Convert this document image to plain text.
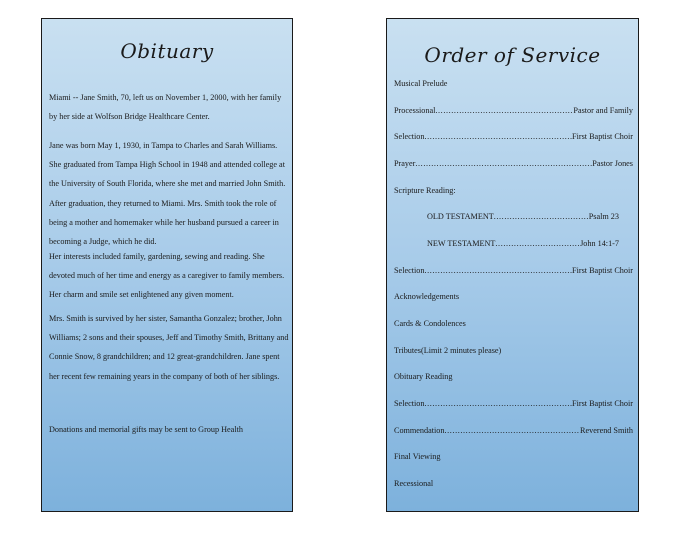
Obituary

Miami -- Jane Smith, 70, left us on November 1, 2000, with her family by her side at Wolfson Bridge Healthcare Center.

Jane was born May 1, 1930, in Tampa to Charles and Sarah Williams. She graduated from Tampa High School in 1948 and attended college at the University of South Florida, where she met and married John Smith. After graduation, they returned to Miami. Mrs. Smith took the role of being a mother and homemaker while her husband pursued a career in becoming a Judge, which he did.

Her interests included family, gardening, sewing and reading. She devoted much of her time and energy as a caregiver to family members. Her charm and smile set enlightened any given moment.

Mrs. Smith is survived by her sister, Samantha Gonzalez; brother, John Williams; 2 sons and their spouses, Jeff and Timothy Smith, Brittany and Connie Snow, 8 grandchildren; and 12 great-grandchildren. Jane spent her recent few remaining years in the company of both of her siblings.

Donations and memorial gifts may be sent to Group Health

Order of Service
Musical Prelude
Processional .....	Pastor and Family
Selection .....	First Baptist Choir
Prayer .....	Pastor Jones
Scripture Reading:
OLD TESTAMENT .....	Psalm 23
NEW TESTAMENT .....	John 14:1-7
Selection .....	First Baptist Choir
Acknowledgements
Cards & Condolences
Tributes(Limit 2 minutes please)
Obituary Reading
Selection .....	First Baptist Choir
Commendation .....	Reverend Smith
Final Viewing
Recessional
